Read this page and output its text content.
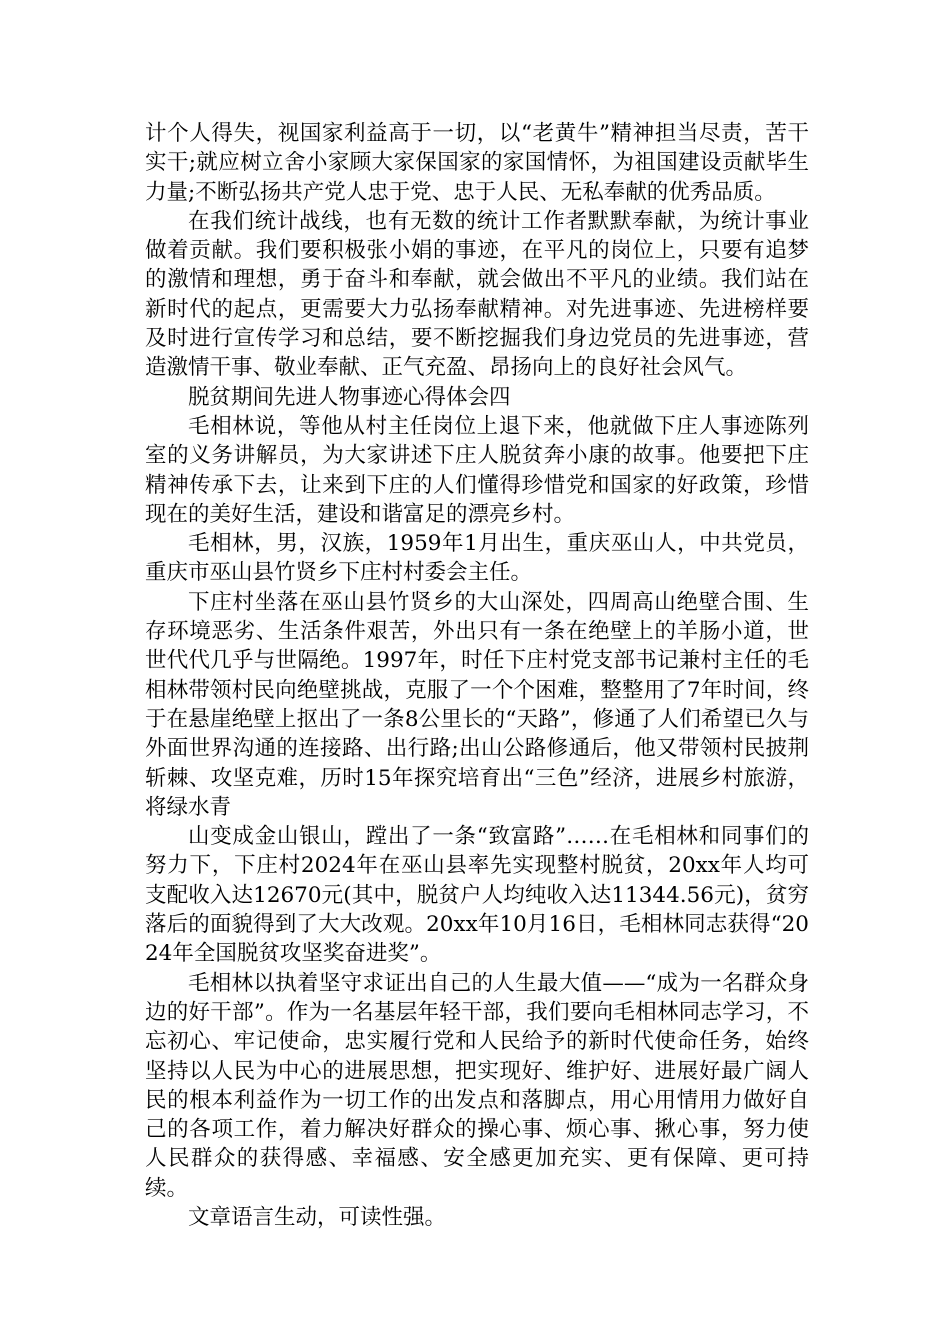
计个人得失，视国家利益高于一切，以“老黄牛”精神担当尽责，苦干实干;就应树立舍小家顾大家保国家的家国情怀，为祖国建设贡献毕生力量;不断弘扬共产党人忠于党、忠于人民、无私奉献的优秀品质。

在我们统计战线，也有无数的统计工作者默默奉献，为统计事业做着贡献。我们要积极张小娟的事迹，在平凡的岗位上，只要有追梦的激情和理想，勇于奋斗和奉献，就会做出不平凡的业绩。我们站在新时代的起点，更需要大力弘扬奉献精神。对先进事迹、先进榜样要及时进行宣传学习和总结，要不断挖掘我们身边党员的先进事迹，营造激情干事、敬业奉献、正气充盈、昂扬向上的良好社会风气。

脱贫期间先进人物事迹心得体会四

毛相林说，等他从村主任岗位上退下来，他就做下庄人事迹陈列室的义务讲解员，为大家讲述下庄人脱贫奔小康的故事。他要把下庄精神传承下去，让来到下庄的人们懂得珍惜党和国家的好政策，珍惜现在的美好生活，建设和谐富足的漂亮乡村。

毛相林，男，汉族，1959年1月出生，重庆巫山人，中共党员，重庆市巫山县竹贤乡下庄村村委会主任。

下庄村坐落在巫山县竹贤乡的大山深处，四周高山绝壁合围、生存环境恶劣、生活条件艰苦，外出只有一条在绝壁上的羊肠小道，世世代代几乎与世隔绝。1997年，时任下庄村党支部书记兼村主任的毛相林带领村民向绝壁挑战，克服了一个个困难，整整用了7年时间，终于在悬崖绝壁上抠出了一条8公里长的“天路”，修通了人们希望已久与外面世界沟通的连接路、出行路;出山公路修通后，他又带领村民披荆斩棘、攻坚克难，历时15年探究培育出“三色”经济，进展乡村旅游，将绿水青

山变成金山银山，蹚出了一条“致富路”……在毛相林和同事们的努力下，下庄村2024年在巫山县率先实现整村脱贫，20xx年人均可支配收入达12670元(其中，脱贫户人均纯收入达11344.56元)，贫穷落后的面貌得到了大大改观。20xx年10月16日，毛相林同志获得“2024年全国脱贫攻坚奖奋进奖”。

毛相林以执着坚守求证出自己的人生最大值——“成为一名群众身边的好干部”。作为一名基层年轻干部，我们要向毛相林同志学习，不忘初心、牢记使命，忠实履行党和人民给予的新时代使命任务，始终坚持以人民为中心的进展思想，把实现好、维护好、进展好最广阔人民的根本利益作为一切工作的出发点和落脚点，用心用情用力做好自己的各项工作，着力解决好群众的操心事、烦心事、揪心事，努力使人民群众的获得感、幸福感、安全感更加充实、更有保障、更可持续。

文章语言生动，可读性强。
